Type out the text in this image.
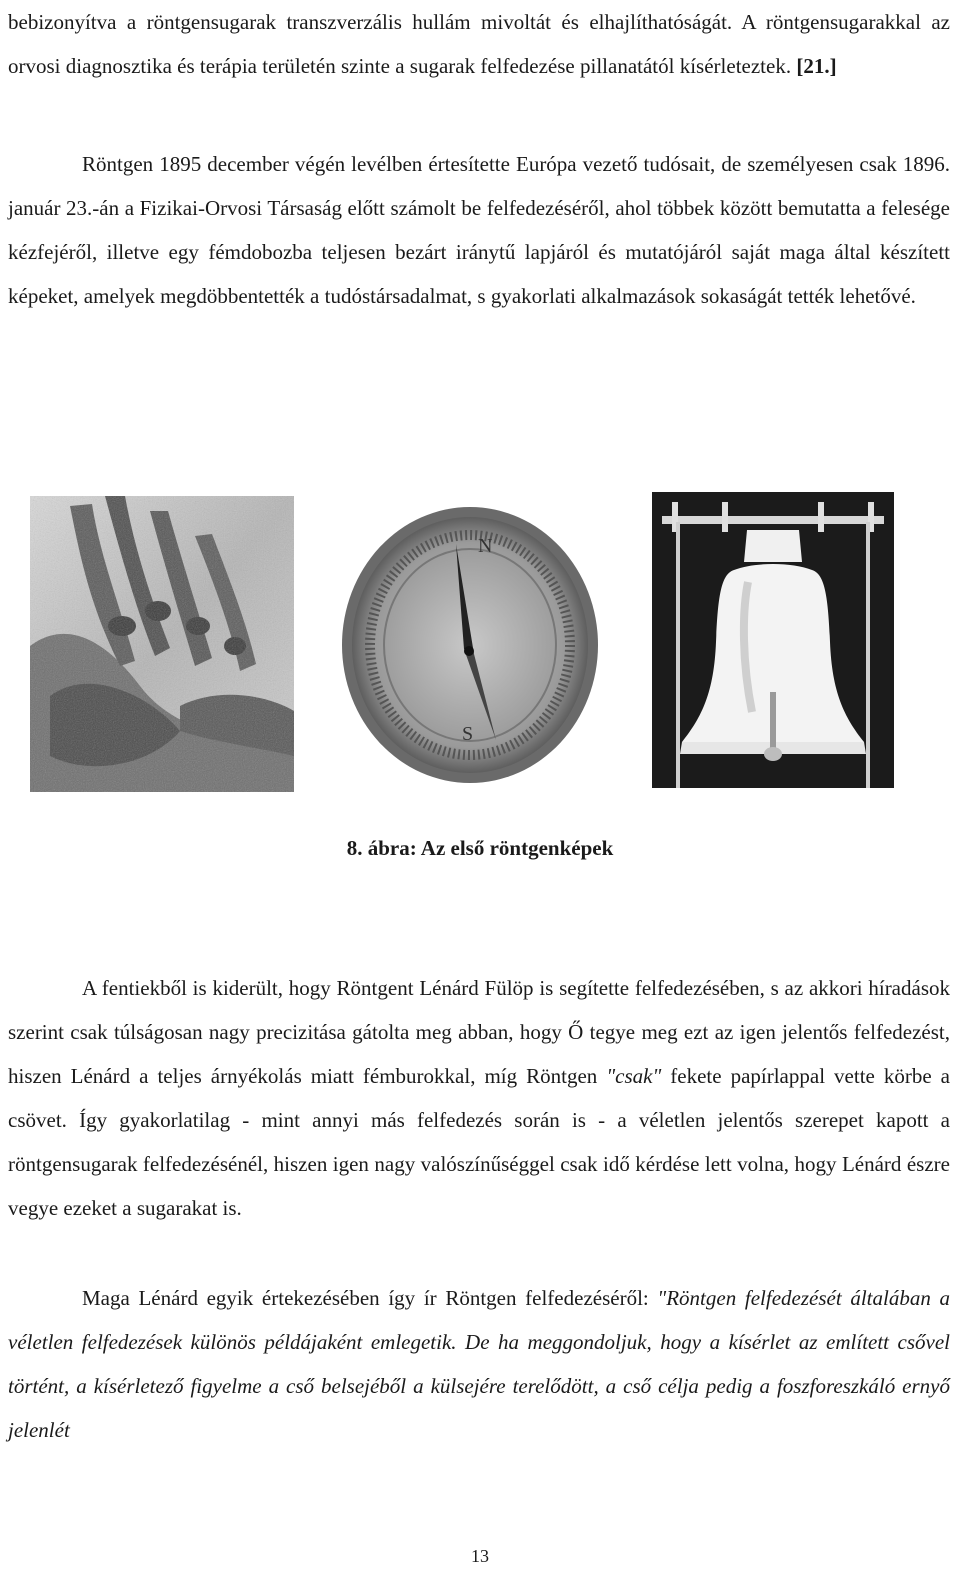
bebizonyítva a röntgensugarak transzverzális hullám mivoltát és elhajlíthatóságát. A röntgensugarakkal az orvosi diagnosztika és terápia területén szinte a sugarak felfedezése pillanatától kísérleteztek. [21.]

Röntgen 1895 december végén levélben értesítette Európa vezető tudósait, de személyesen csak 1896. január 23.-án a Fizikai-Orvosi Társaság előtt számolt be felfedezéséről, ahol többek között bemutatta a felesége kézfejéről, illetve egy fémdobozba teljesen bezárt iránytű lapjáról és mutatójáról saját maga által készített képeket, amelyek megdöbbentették a tudóstársadalmat, s gyakorlati alkalmazások sokaságát tették lehetővé.

N
S

8. ábra: Az első röntgenképek

A fentiekből is kiderült, hogy Röntgent Lénárd Fülöp is segítette felfedezésében, s az akkori híradások szerint csak túlságosan nagy precizitása gátolta meg abban, hogy Ő tegye meg ezt az igen jelentős felfedezést, hiszen Lénárd a teljes árnyékolás miatt fémburokkal, míg Röntgen "csak" fekete papírlappal vette körbe a csövet. Így gyakorlatilag - mint annyi más felfedezés során is - a véletlen jelentős szerepet kapott a röntgensugarak felfedezésénél, hiszen igen nagy valószínűséggel csak idő kérdése lett volna, hogy Lénárd észre vegye ezeket a sugarakat is.

Maga Lénárd egyik értekezésében így ír Röntgen felfedezéséről: "Röntgen felfedezését általában a véletlen felfedezések különös példájaként emlegetik. De ha meggondoljuk, hogy a kísérlet az említett csővel történt, a kísérletező figyelme a cső belsejéből a külsejére terelődött, a cső célja pedig a foszforeszkáló ernyő jelenlét

13
